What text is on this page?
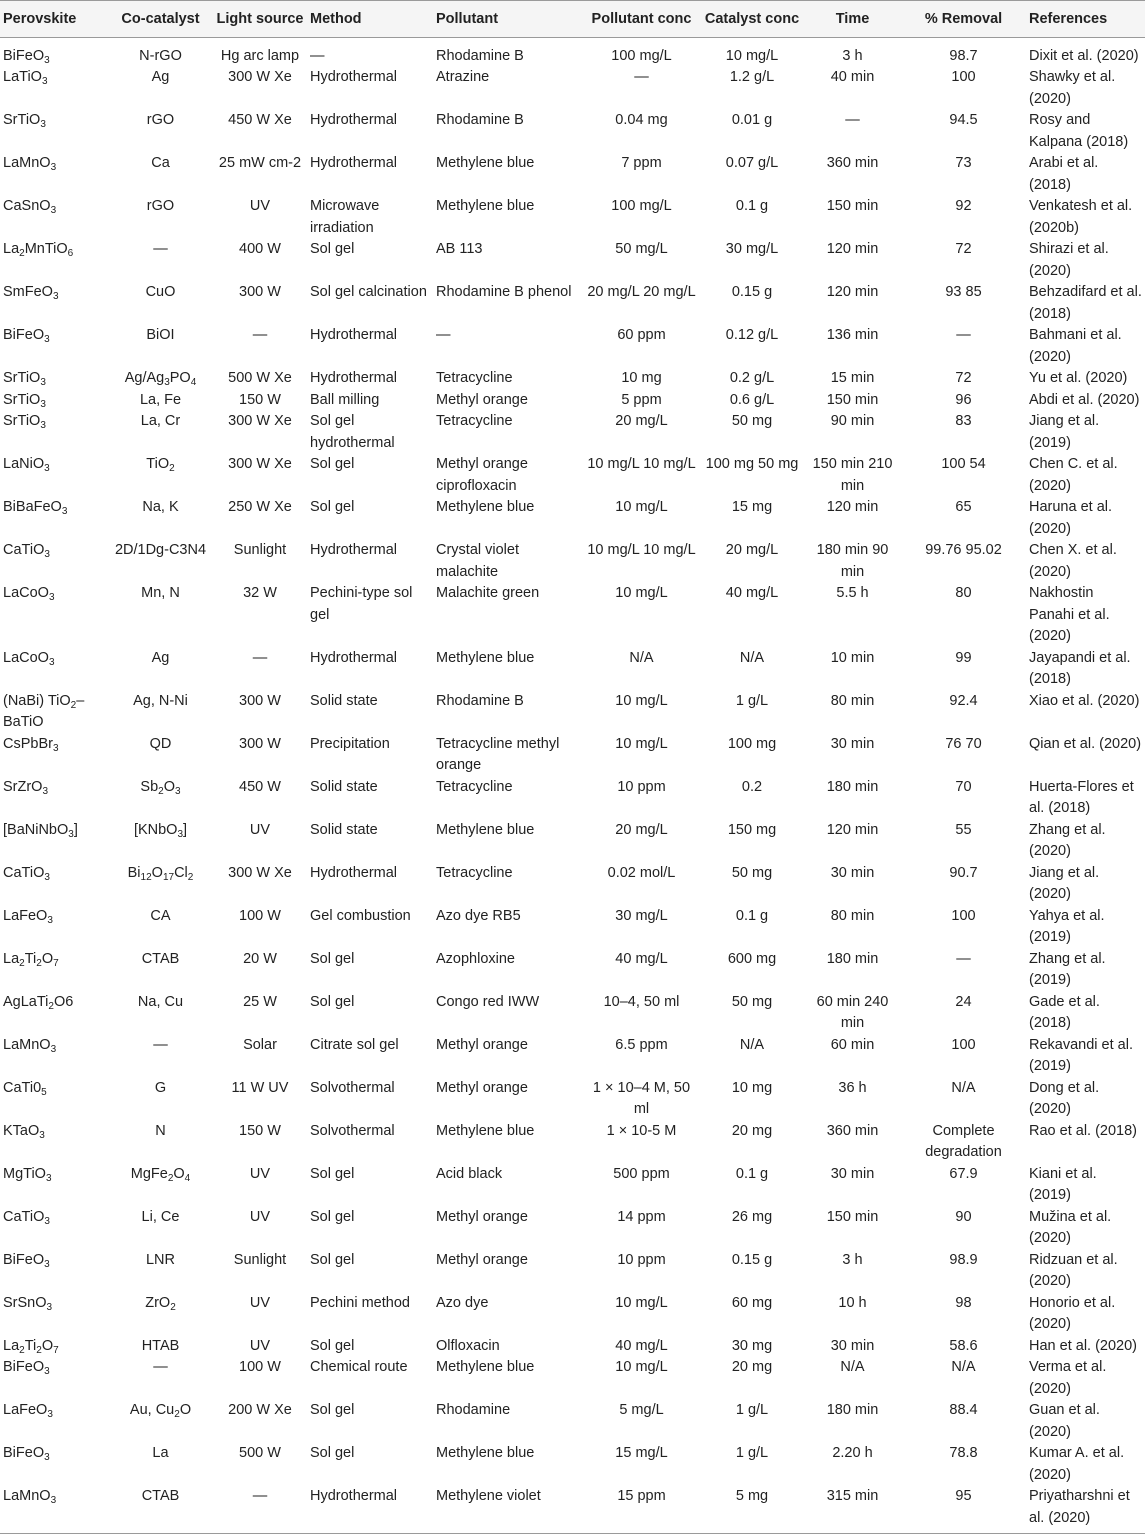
Perovskite	Co-catalyst	Light source	Method	Pollutant	Pollutant conc	Catalyst conc	Time	% Removal	References
BiFeO$_3$	N-rGO	Hg arc lamp	—	Rhodamine B	100 mg/L	10 mg/L	3 h	98.7	Dixit et al. (2020)
LaTiO$_3$	Ag	300 W Xe	Hydrothermal	Atrazine	—	1.2 g/L	40 min	100	Shawky et al. (2020)
SrTiO$_3$	rGO	450 W Xe	Hydrothermal	Rhodamine B	0.04 mg	0.01 g	—	94.5	Rosy and Kalpana (2018)
LaMnO$_3$	Ca	25 mW cm-2	Hydrothermal	Methylene blue	7 ppm	0.07 g/L	360 min	73	Arabi et al. (2018)
CaSnO$_3$	rGO	UV	Microwave irradiation	Methylene blue	100 mg/L	0.1 g	150 min	92	Venkatesh et al. (2020b)
$La_2MnTiO_6$	—	400 W	Sol gel	AB 113	50 mg/L	30 mg/L	120 min	72	Shirazi et al. (2020)
SmFeO$_3$	CuO	300 W	Sol gel calcination	Rhodamine B phenol	20 mg/L 20 mg/L	0.15 g	120 min	93 85	Behzadifard et al. (2018)
BiFeO$_3$	BiOI	—	Hydrothermal	—	60 ppm	0.12 g/L	136 min	—	Bahmani et al. (2020)
SrTiO$_3$	$Ag/Ag_3PO_4$	500 W Xe	Hydrothermal	Tetracycline	10 mg	0.2 g/L	15 min	72	Yu et al. (2020)
SrTiO$_3$	La, Fe	150 W	Ball milling	Methyl orange	5 ppm	0.6 g/L	150 min	96	Abdi et al. (2020)
SrTiO$_3$	La, Cr	300 W Xe	Sol gel hydrothermal	Tetracycline	20 mg/L	50 mg	90 min	83	Jiang et al. (2019)
LaNiO$_3$	TiO$_2$	300 W Xe	Sol gel	Methyl orange ciprofloxacin	10 mg/L 10 mg/L	100 mg 50 mg	150 min 210 min	100 54	Chen C. et al. (2020)
BiBaFeO$_3$	Na, K	250 W Xe	Sol gel	Methylene blue	10 mg/L	15 mg	120 min	65	Haruna et al. (2020)
CaTiO$_3$	2D/1Dg-C3N4	Sunlight	Hydrothermal	Crystal violet malachite	10 mg/L 10 mg/L	20 mg/L	180 min 90 min	99.76 95.02	Chen X. et al. (2020)
LaCoO$_3$	Mn, N	32 W	Pechini-type sol gel	Malachite green	10 mg/L	40 mg/L	5.5 h	80	Nakhostin Panahi et al. (2020)
LaCoO$_3$	Ag	—	Hydrothermal	Methylene blue	N/A	N/A	10 min	99	Jayapandi et al. (2018)
(NaBi) TiO$_2$–BaTiO	Ag, N-Ni	300 W	Solid state	Rhodamine B	10 mg/L	1 g/L	80 min	92.4	Xiao et al. (2020)
CsPbBr$_3$	QD	300 W	Precipitation	Tetracycline methyl orange	10 mg/L	100 mg	30 min	76 70	Qian et al. (2020)
SrZrO$_3$	$Sb_2O_3$	450 W	Solid state	Tetracycline	10 ppm	0.2	180 min	70	Huerta-Flores et al. (2018)
[BaNiNbO$_3$]	[KNbO$_3$]	UV	Solid state	Methylene blue	20 mg/L	150 mg	120 min	55	Zhang et al. (2020)
CaTiO$_3$	$Bi_{12}O_{17}Cl_2$	300 W Xe	Hydrothermal	Tetracycline	0.02 mol/L	50 mg	30 min	90.7	Jiang et al. (2020)
LaFeO$_3$	CA	100 W	Gel combustion	Azo dye RB5	30 mg/L	0.1 g	80 min	100	Yahya et al. (2019)
$La_2Ti_2O_7$	CTAB	20 W	Sol gel	Azophloxine	40 mg/L	600 mg	180 min	—	Zhang et al. (2019)
AgLaTi$_2$O6	Na, Cu	25 W	Sol gel	Congo red IWW	10–4, 50 ml	50 mg	60 min 240 min	24	Gade et al. (2018)
LaMnO$_3$	—	Solar	Citrate sol gel	Methyl orange	6.5 ppm	N/A	60 min	100	Rekavandi et al. (2019)
$CaTi0_5$	G	11 W UV	Solvothermal	Methyl orange	1 × 10–4 M, 50 ml	10 mg	36 h	N/A	Dong et al. (2020)
KTaO$_3$	N	150 W	Solvothermal	Methylene blue	1 × 10-5 M	20 mg	360 min	Complete degradation	Rao et al. (2018)
MgTiO$_3$	$MgFe_2O_4$	UV	Sol gel	Acid black	500 ppm	0.1 g	30 min	67.9	Kiani et al. (2019)
CaTiO$_3$	Li, Ce	UV	Sol gel	Methyl orange	14 ppm	26 mg	150 min	90	Mužina et al. (2020)
BiFeO$_3$	LNR	Sunlight	Sol gel	Methyl orange	10 ppm	0.15 g	3 h	98.9	Ridzuan et al. (2020)
SrSnO$_3$	ZrO$_2$	UV	Pechini method	Azo dye	10 mg/L	60 mg	10 h	98	Honorio et al. (2020)
$La_2Ti_2O_7$	HTAB	UV	Sol gel	Olfloxacin	40 mg/L	30 mg	30 min	58.6	Han et al. (2020)
BiFeO$_3$	—	100 W	Chemical route	Methylene blue	10 mg/L	20 mg	N/A	N/A	Verma et al. (2020)
LaFeO$_3$	Au, $Cu_2O$	200 W Xe	Sol gel	Rhodamine	5 mg/L	1 g/L	180 min	88.4	Guan et al. (2020)
BiFeO$_3$	La	500 W	Sol gel	Methylene blue	15 mg/L	1 g/L	2.20 h	78.8	Kumar A. et al. (2020)
LaMnO$_3$	CTAB	—	Hydrothermal	Methylene violet	15 ppm	5 mg	315 min	95	Priyatharshni et al. (2020)
